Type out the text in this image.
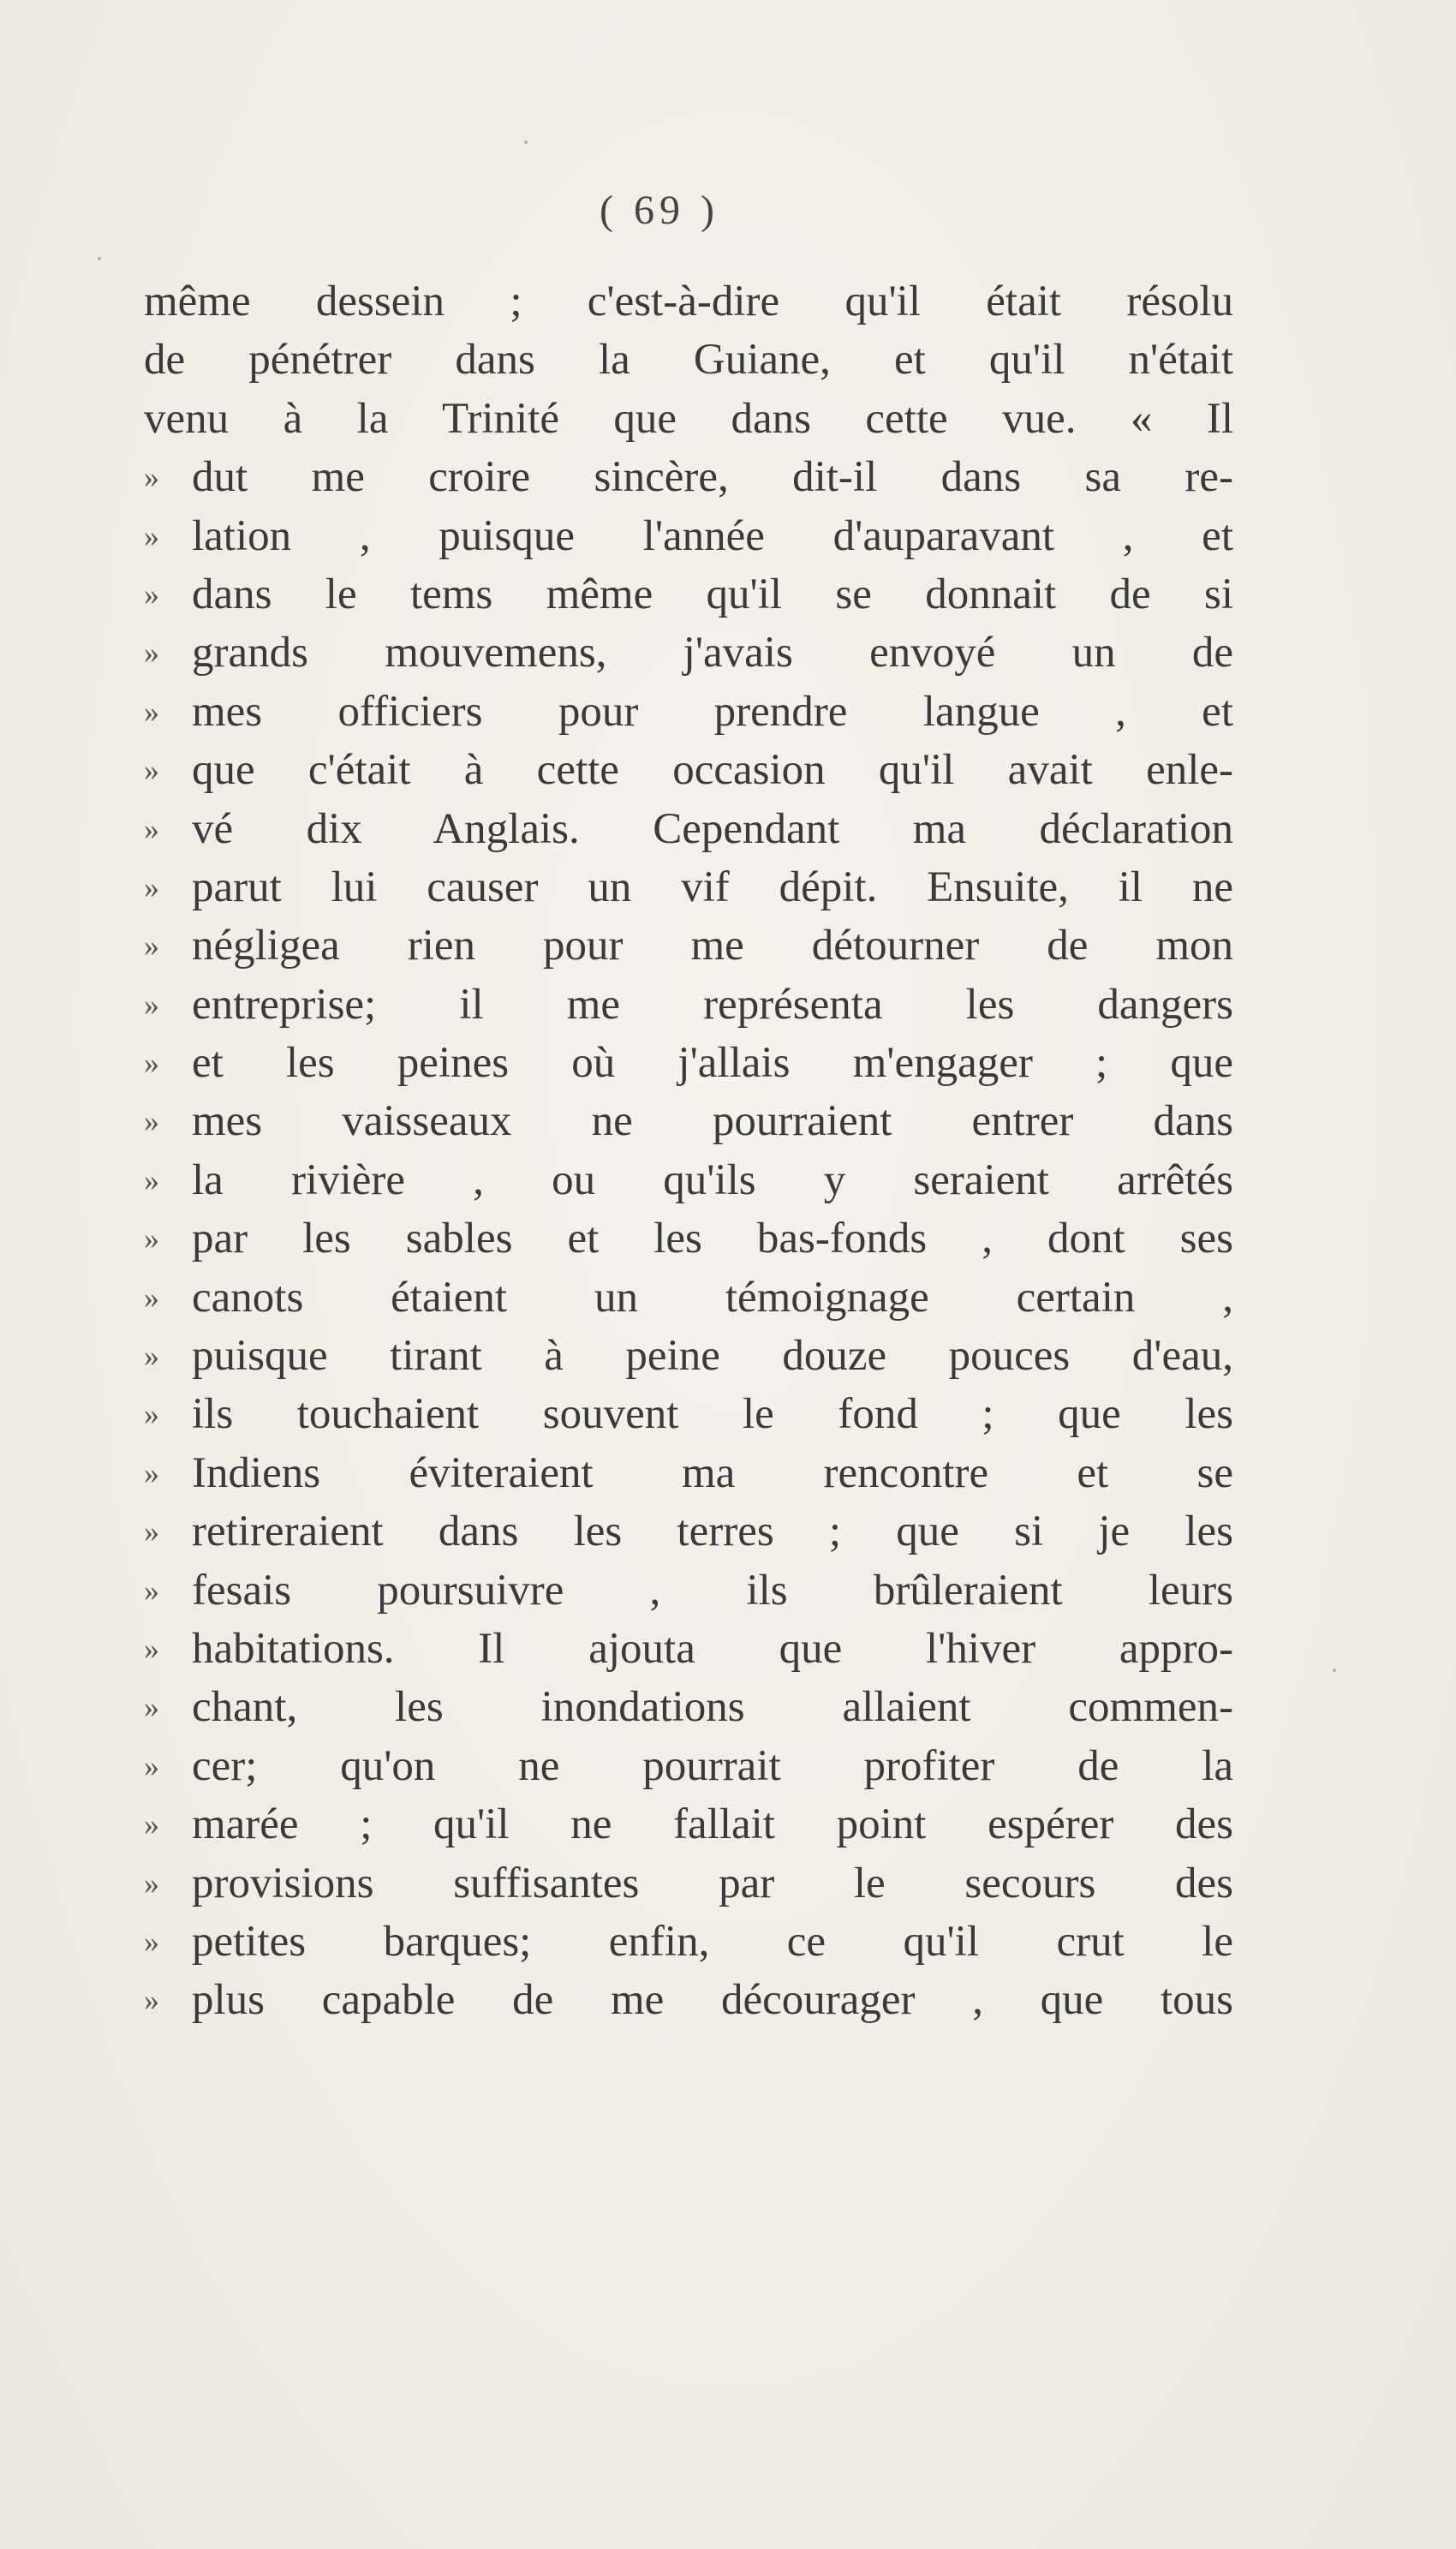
( 69 )
même dessein ; c'est-à-dire qu'il était résolu
de pénétrer dans la Guiane, et qu'il n'était
venu à la Trinité que dans cette vue. « Il
» dut me croire sincère, dit-il dans sa re-
» lation , puisque l'année d'auparavant , et
» dans le tems même qu'il se donnait de si
» grands mouvemens, j'avais envoyé un de
» mes officiers pour prendre langue , et
» que c'était à cette occasion qu'il avait enle-
» vé dix Anglais. Cependant ma déclaration
» parut lui causer un vif dépit. Ensuite, il ne
» négligea rien pour me détourner de mon
» entreprise; il me représenta les dangers
» et les peines où j'allais m'engager ; que
» mes vaisseaux ne pourraient entrer dans
» la rivière , ou qu'ils y seraient arrêtés
» par les sables et les bas-fonds , dont ses
» canots étaient un témoignage certain ,
» puisque tirant à peine douze pouces d'eau,
» ils touchaient souvent le fond ; que les
» Indiens éviteraient ma rencontre et se
» retireraient dans les terres ; que si je les
» fesais poursuivre , ils brûleraient leurs
» habitations. Il ajouta que l'hiver appro-
» chant, les inondations allaient commen-
» cer; qu'on ne pourrait profiter de la
» marée ; qu'il ne fallait point espérer des
» provisions suffisantes par le secours des
» petites barques; enfin, ce qu'il crut le
» plus capable de me décourager , que tous
